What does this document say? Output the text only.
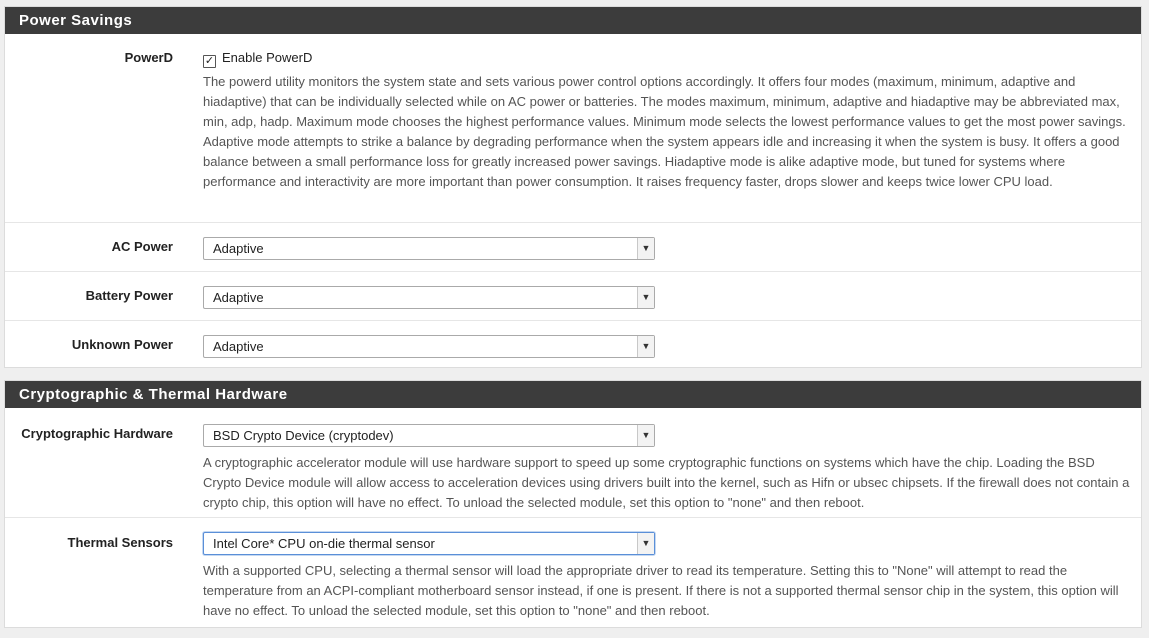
Power Savings
PowerD	✓ Enable PowerD

The powerd utility monitors the system state and sets various power control options accordingly. It offers four modes (maximum, minimum, adaptive and hiadaptive) that can be individually selected while on AC power or batteries. The modes maximum, minimum, adaptive and hiadaptive may be abbreviated max, min, adp, hadp. Maximum mode chooses the highest performance values. Minimum mode selects the lowest performance values to get the most power savings. Adaptive mode attempts to strike a balance by degrading performance when the system appears idle and increasing it when the system is busy. It offers a good balance between a small performance loss for greatly increased power savings. Hiadaptive mode is alike adaptive mode, but tuned for systems where performance and interactivity are more important than power consumption. It raises frequency faster, drops slower and keeps twice lower CPU load.

AC Power	Adaptive	▼
Battery Power	Adaptive	▼
Unknown Power	Adaptive	▼
Cryptographic & Thermal Hardware
Cryptographic Hardware	BSD Crypto Device (cryptodev)	▼

A cryptographic accelerator module will use hardware support to speed up some cryptographic functions on systems which have the chip. Loading the BSD Crypto Device module will allow access to acceleration devices using drivers built into the kernel, such as Hifn or ubsec chipsets. If the firewall does not contain a crypto chip, this option will have no effect. To unload the selected module, set this option to "none" and then reboot.

Thermal Sensors	Intel Core* CPU on-die thermal sensor	▼

With a supported CPU, selecting a thermal sensor will load the appropriate driver to read its temperature. Setting this to "None" will attempt to read the temperature from an ACPI-compliant motherboard sensor instead, if one is present. If there is not a supported thermal sensor chip in the system, this option will have no effect. To unload the selected module, set this option to "none" and then reboot.
